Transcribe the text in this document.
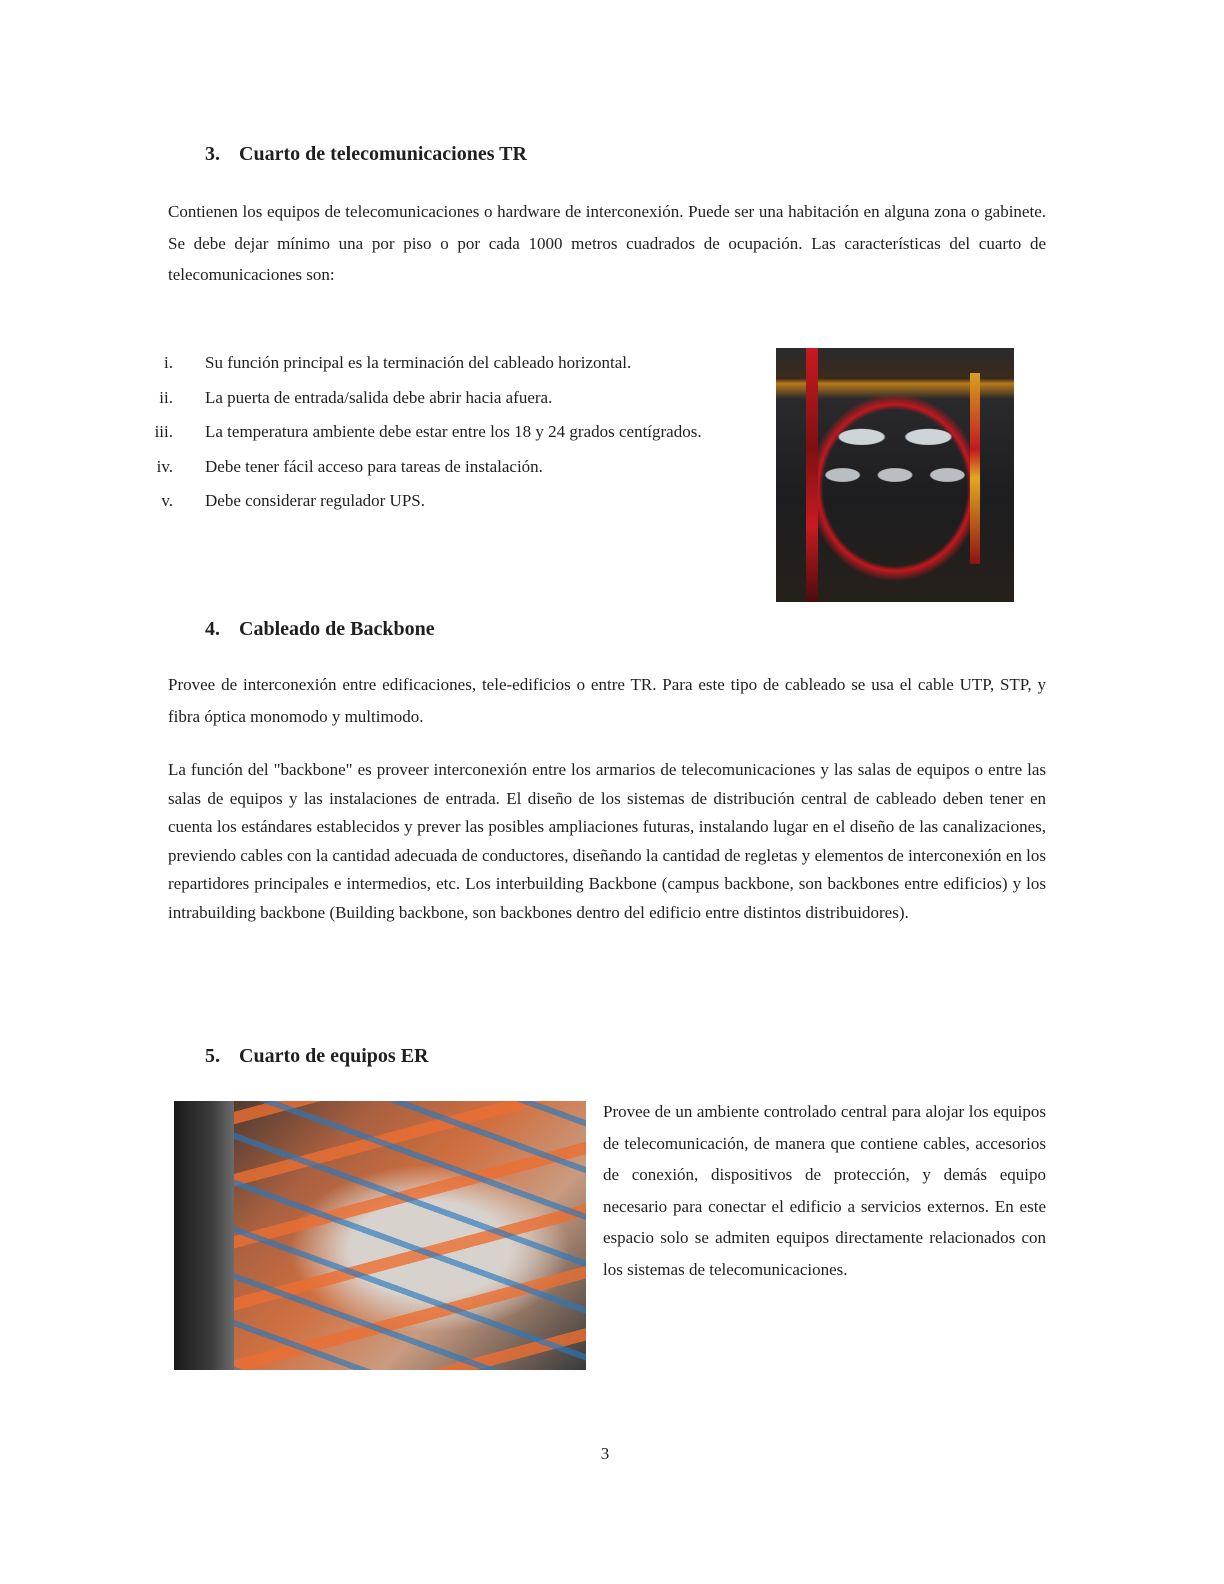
3. Cuarto de telecomunicaciones TR

Contienen los equipos de telecomunicaciones o hardware de interconexión. Puede ser una habitación en alguna zona o gabinete. Se debe dejar mínimo una por piso o por cada 1000 metros cuadrados de ocupación. Las características del cuarto de telecomunicaciones son:

i. Su función principal es la terminación del cableado horizontal.
ii. La puerta de entrada/salida debe abrir hacia afuera.
iii. La temperatura ambiente debe estar entre los 18 y 24 grados centígrados.
iv. Debe tener fácil acceso para tareas de instalación.
v. Debe considerar regulador UPS.
4. Cableado de Backbone

Provee de interconexión entre edificaciones, tele-edificios o entre TR. Para este tipo de cableado se usa el cable UTP, STP, y fibra óptica monomodo y multimodo.

La función del "backbone" es proveer interconexión entre los armarios de telecomunicaciones y las salas de equipos o entre las salas de equipos y las instalaciones de entrada. El diseño de los sistemas de distribución central de cableado deben tener en cuenta los estándares establecidos y prever las posibles ampliaciones futuras, instalando lugar en el diseño de las canalizaciones, previendo cables con la cantidad adecuada de conductores, diseñando la cantidad de regletas y elementos de interconexión en los repartidores principales e intermedios, etc. Los interbuilding Backbone (campus backbone, son backbones entre edificios) y los intrabuilding backbone (Building backbone, son backbones dentro del edificio entre distintos distribuidores).

5. Cuarto de equipos ER

Provee de un ambiente controlado central para alojar los equipos de telecomunicación, de manera que contiene cables, accesorios de conexión, dispositivos de protección, y demás equipo necesario para conectar el edificio a servicios externos. En este espacio solo se admiten equipos directamente relacionados con los sistemas de telecomunicaciones.

3
